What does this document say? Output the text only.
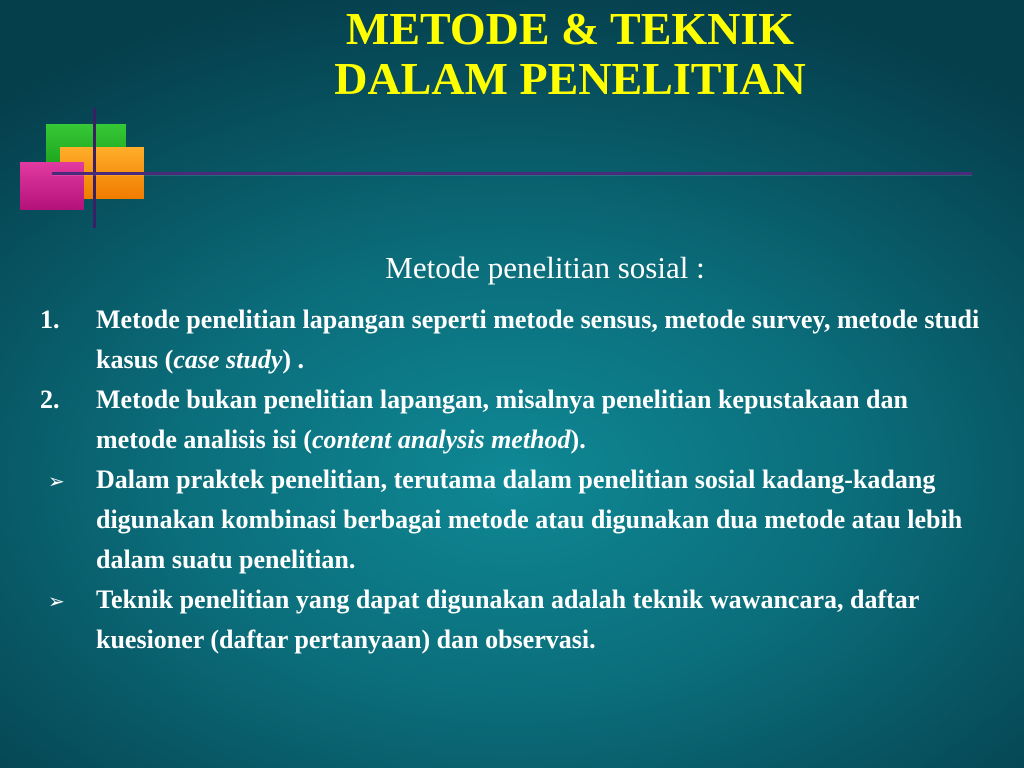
METODE & TEKNIK
DALAM PENELITIAN

Metode penelitian sosial :

1.	Metode penelitian lapangan seperti metode sensus, metode survey, metode studi kasus (case study) .
2.	Metode bukan penelitian lapangan, misalnya penelitian kepustakaan dan metode analisis isi (content analysis method).
➢	Dalam praktek penelitian, terutama dalam penelitian sosial kadang-kadang digunakan kombinasi berbagai metode atau digunakan dua metode atau lebih dalam suatu penelitian.
➢	Teknik penelitian yang dapat digunakan adalah teknik wawancara, daftar kuesioner (daftar pertanyaan) dan observasi.
